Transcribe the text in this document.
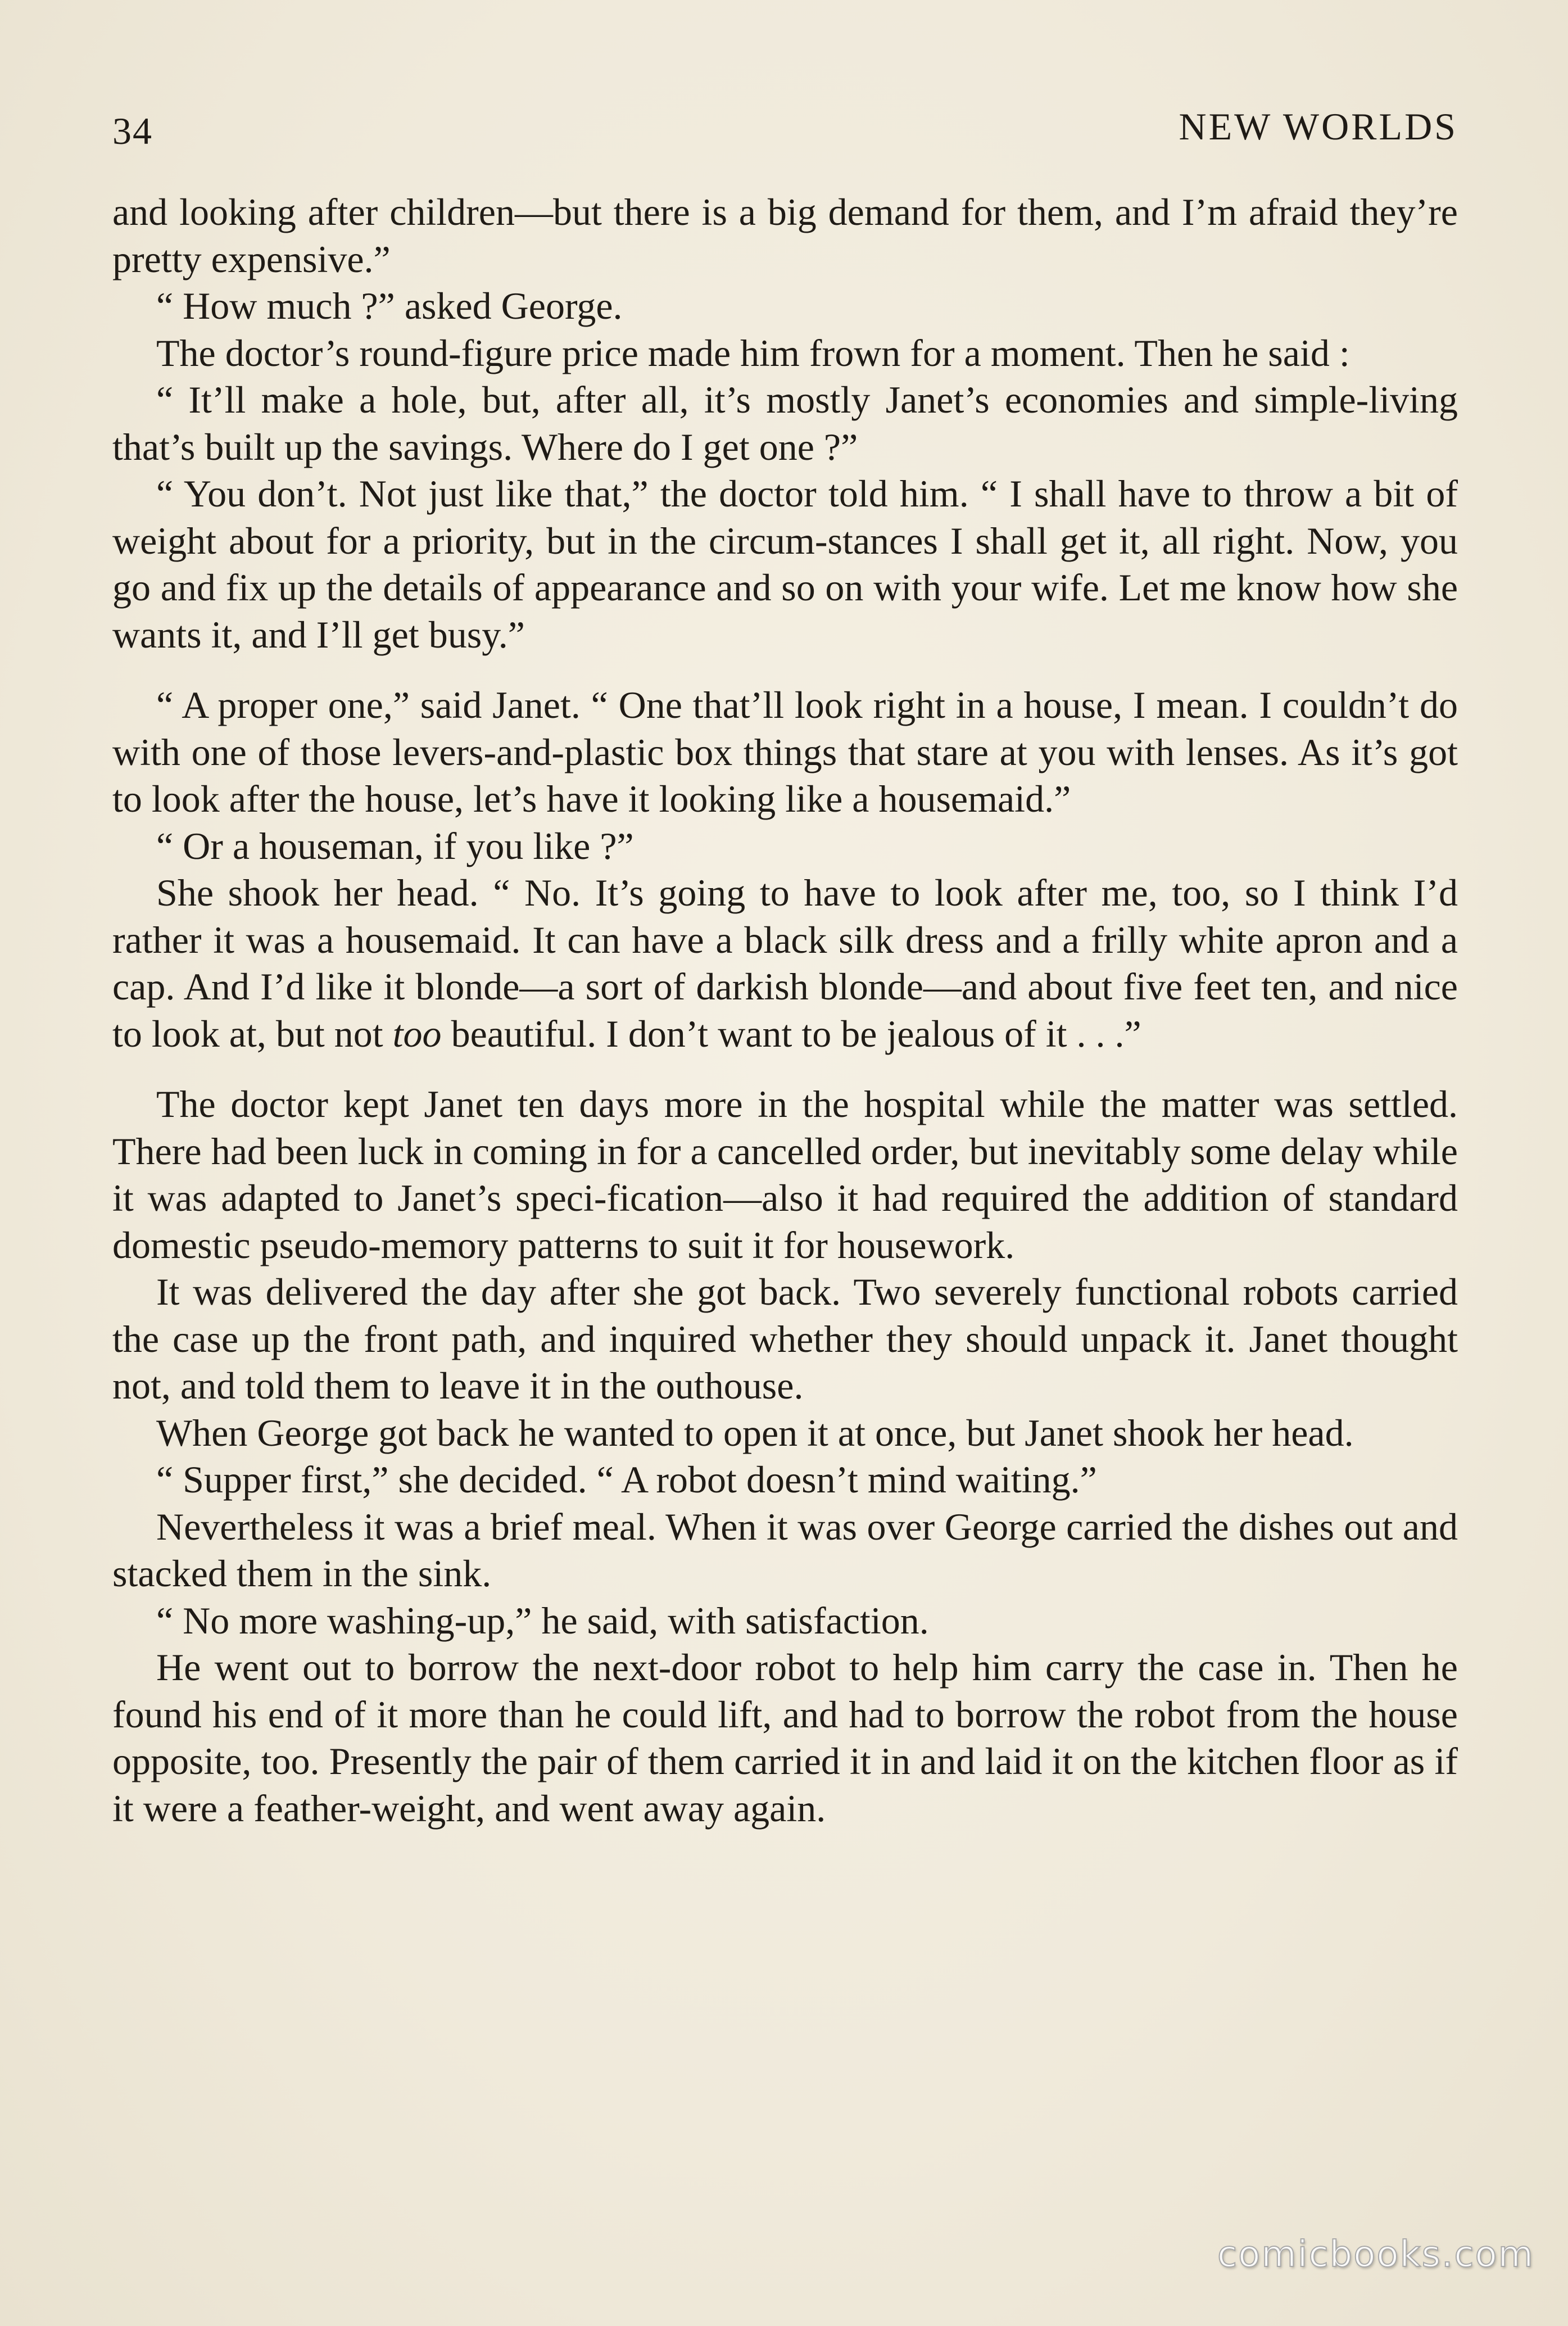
34	NEW WORLDS

and looking after children—but there is a big demand for them, and I’m afraid they’re pretty expensive.”

“ How much ?” asked George.

The doctor’s round-figure price made him frown for a moment. Then he said :

“ It’ll make a hole, but, after all, it’s mostly Janet’s economies and simple-living that’s built up the savings. Where do I get one ?”

“ You don’t. Not just like that,” the doctor told him. “ I shall have to throw a bit of weight about for a priority, but in the circum-stances I shall get it, all right. Now, you go and fix up the details of appearance and so on with your wife. Let me know how she wants it, and I’ll get busy.”

“ A proper one,” said Janet. “ One that’ll look right in a house, I mean. I couldn’t do with one of those levers-and-plastic box things that stare at you with lenses. As it’s got to look after the house, let’s have it looking like a housemaid.”

“ Or a houseman, if you like ?”

She shook her head. “ No. It’s going to have to look after me, too, so I think I’d rather it was a housemaid. It can have a black silk dress and a frilly white apron and a cap. And I’d like it blonde—a sort of darkish blonde—and about five feet ten, and nice to look at, but not too beautiful. I don’t want to be jealous of it . . .”

The doctor kept Janet ten days more in the hospital while the matter was settled. There had been luck in coming in for a cancelled order, but inevitably some delay while it was adapted to Janet’s speci-fication—also it had required the addition of standard domestic pseudo-memory patterns to suit it for housework.

It was delivered the day after she got back. Two severely functional robots carried the case up the front path, and inquired whether they should unpack it. Janet thought not, and told them to leave it in the outhouse.

When George got back he wanted to open it at once, but Janet shook her head.

“ Supper first,” she decided. “ A robot doesn’t mind waiting.”

Nevertheless it was a brief meal. When it was over George carried the dishes out and stacked them in the sink.

“ No more washing-up,” he said, with satisfaction.

He went out to borrow the next-door robot to help him carry the case in. Then he found his end of it more than he could lift, and had to borrow the robot from the house opposite, too. Presently the pair of them carried it in and laid it on the kitchen floor as if it were a feather-weight, and went away again.

comicbooks.com
